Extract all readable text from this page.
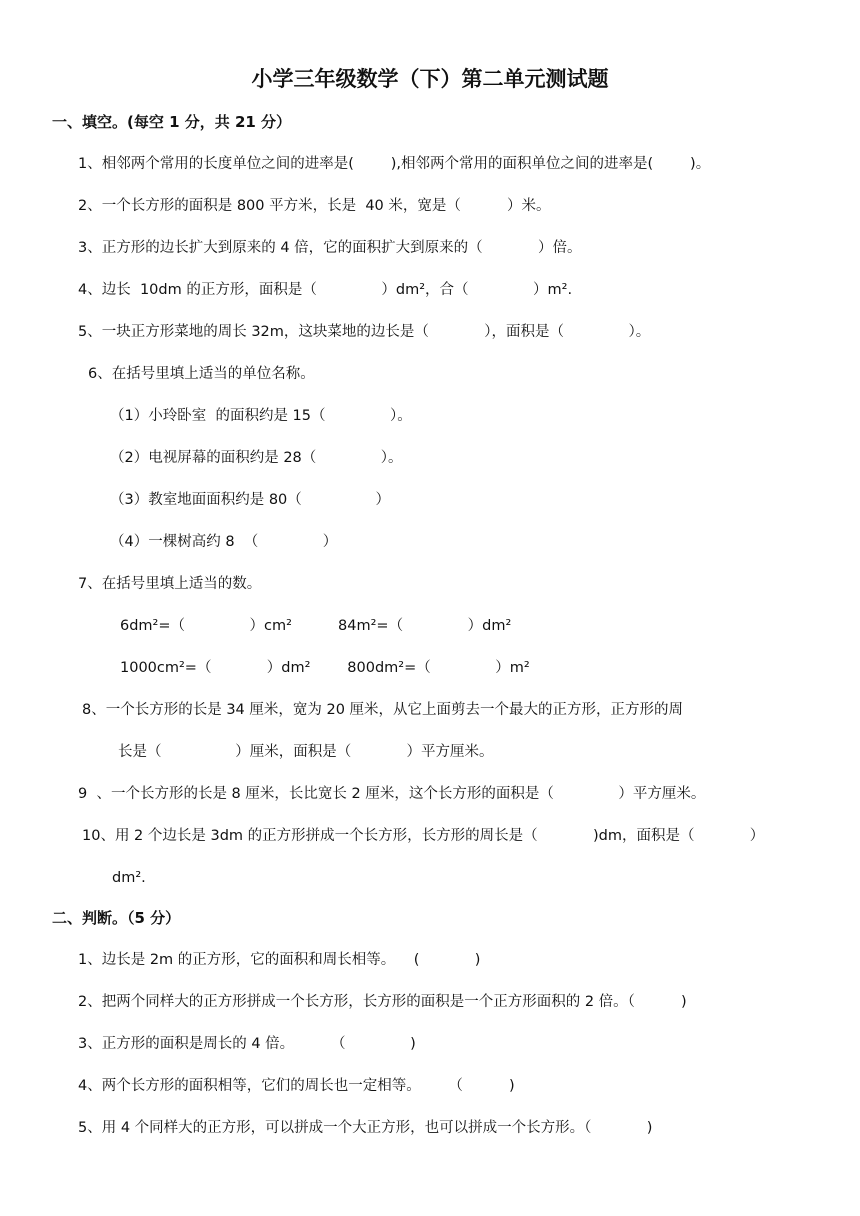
小学三年级数学（下）第二单元测试题
一、填空。(每空 1 分，共 21 分）
1、相邻两个常用的长度单位之间的进率是(        ),相邻两个常用的面积单位之间的进率是(        )。
2、一个长方形的面积是 800 平方米，长是  40 米，宽是（          ）米。
3、正方形的边长扩大到原来的 4 倍，它的面积扩大到原来的（            ）倍。
4、边长  10dm 的正方形，面积是（              ）dm²，合（              ）m².
5、一块正方形菜地的周长 32m，这块菜地的边长是（            ），面积是（              ）。
6、在括号里填上适当的单位名称。
（1）小玲卧室  的面积约是 15（              ）。
（2）电视屏幕的面积约是 28（              ）。
（3）教室地面面积约是 80（                ）
（4）一棵树高约 8  （              ）
7、在括号里填上适当的数。
6dm²=（              ）cm²          84m²=（              ）dm²
1000cm²=（            ）dm²        800dm²=（              ）m²
8、一个长方形的长是 34 厘米，宽为 20 厘米，从它上面剪去一个最大的正方形，正方形的周
长是（                ）厘米，面积是（            ）平方厘米。
9  、一个长方形的长是 8 厘米，长比宽长 2 厘米，这个长方形的面积是（              ）平方厘米。
10、用 2 个边长是 3dm 的正方形拼成一个长方形，长方形的周长是（            )dm，面积是（            ）
dm².
二、判断。（5 分）
1、边长是 2m 的正方形，它的面积和周长相等。    (            )
2、把两个同样大的正方形拼成一个长方形，长方形的面积是一个正方形面积的 2 倍。（          )
3、正方形的面积是周长的 4 倍。        （              )
4、两个长方形的面积相等，它们的周长也一定相等。      （          )
5、用 4 个同样大的正方形，可以拼成一个大正方形，也可以拼成一个长方形。（            )
